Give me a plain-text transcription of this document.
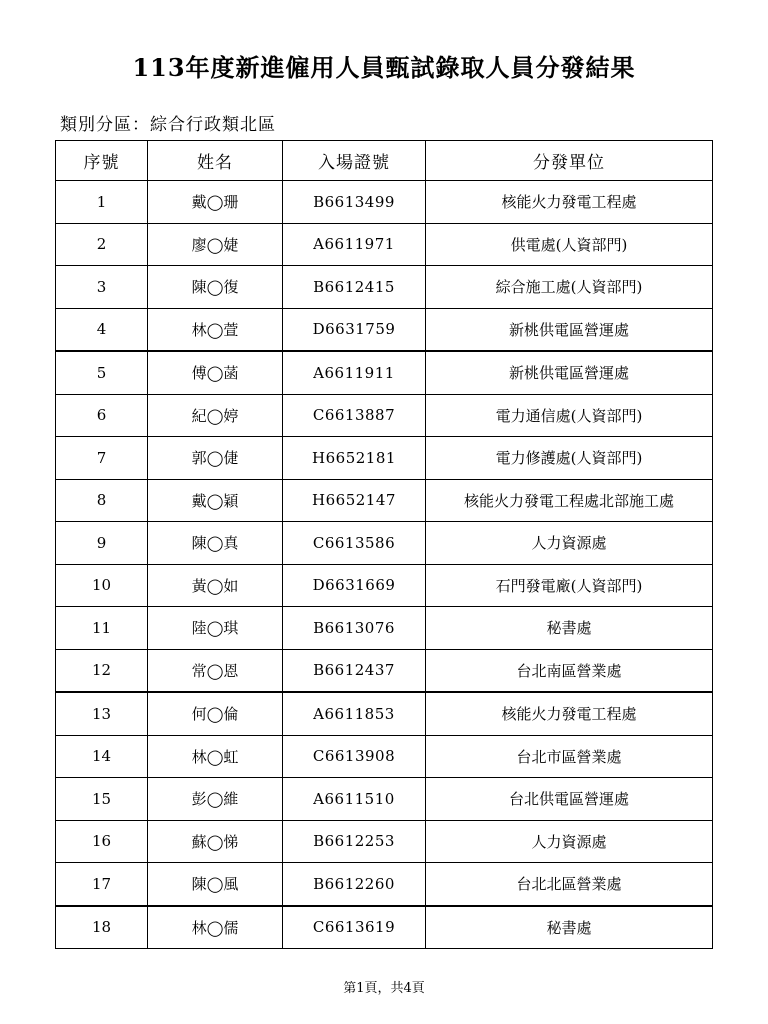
113年度新進僱用人員甄試錄取人員分發結果
類別分區：綜合行政類北區
序號	姓名	入場證號	分發單位
1	戴◯珊	B6613499	核能火力發電工程處
2	廖◯婕	A6611971	供電處(人資部門)
3	陳◯復	B6612415	綜合施工處(人資部門)
4	林◯萱	D6631759	新桃供電區營運處
5	傅◯菡	A6611911	新桃供電區營運處
6	紀◯婷	C6613887	電力通信處(人資部門)
7	郭◯倢	H6652181	電力修護處(人資部門)
8	戴◯穎	H6652147	核能火力發電工程處北部施工處
9	陳◯真	C6613586	人力資源處
10	黃◯如	D6631669	石門發電廠(人資部門)
11	陸◯琪	B6613076	秘書處
12	常◯恩	B6612437	台北南區營業處
13	何◯倫	A6611853	核能火力發電工程處
14	林◯虹	C6613908	台北市區營業處
15	彭◯維	A6611510	台北供電區營運處
16	蘇◯悌	B6612253	人力資源處
17	陳◯風	B6612260	台北北區營業處
18	林◯儒	C6613619	秘書處
第1頁，共4頁
